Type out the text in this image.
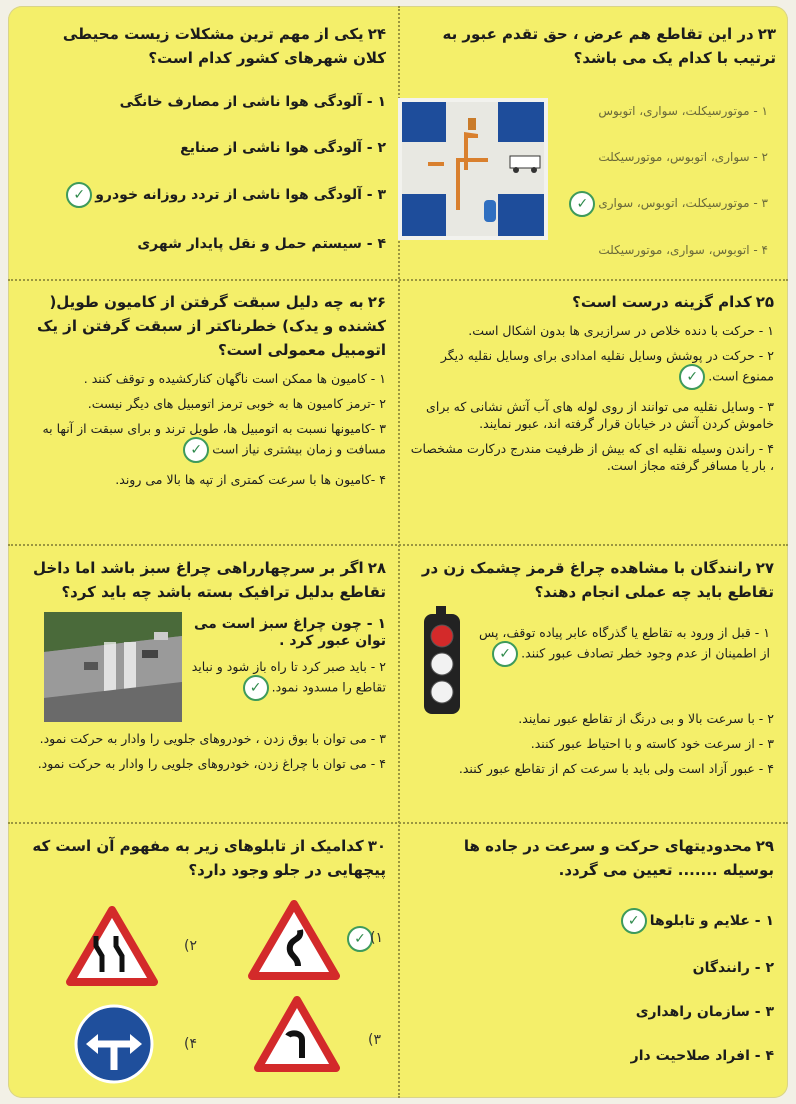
۲۳در این تقاطع هم عرض ، حق تقدم عبور به ترتیب با کدام یک می باشد؟
۱ - موتورسیکلت، سواری، اتوبوس
۲ - سواری، اتوبوس، موتورسیکلت
۳ - موتورسیکلت، اتوبوس، سواری✓
۴ - اتوبوس، سواری، موتورسیکلت
۲۴یکی از مهم ترین مشکلات زیست محیطی کلان شهرهای کشور کدام است؟
۱ - آلودگی هوا ناشی از مصارف خانگی
۲ - آلودگی هوا ناشی از صنایع
۳ - آلودگی هوا ناشی از تردد روزانه خودرو✓
۴ - سیستم حمل و نقل پایدار شهری
۲۵کدام گزینه درست است؟
۱ - حرکت با دنده خلاص در سرازیری ها بدون اشکال است.
۲ - حرکت در پوشش وسایل نقلیه امدادی برای وسایل نقلیه دیگر ممنوع است.✓
۳ - وسایل نقلیه می توانند از روی لوله های آب آتش نشانی که برای خاموش کردن آتش در خیابان قرار گرفته اند، عبور نمایند.
۴ - راندن وسیله نقلیه ای که بیش از ظرفیت مندرج درکارت مشخصات ، بار یا مسافر گرفته مجاز است.
۲۶به چه دلیل سبقت گرفتن از کامیون طویل( کشنده و یدک) خطرناکتر از سبقت گرفتن از یک اتومبیل معمولی است؟
۱ - کامیون ها ممکن است ناگهان کنارکشیده و توقف کنند .
۲ -ترمز کامیون ها به خوبی ترمز اتومبیل های دیگر نیست.
۳ -کامیونها نسبت به اتومبیل ها، طویل ترند و برای سبقت از آنها به مسافت و زمان بیشتری نیاز است✓
۴ -کامیون ها با سرعت کمتری از تپه ها بالا می روند.
۲۷رانندگان با مشاهده چراغ قرمز چشمک زن در تقاطع باید چه عملی انجام دهند؟
۱ - قبل از ورود به تقاطع یا گذرگاه عابر پیاده توقف، پس از اطمینان از عدم وجود خطر تصادف عبور کنند.✓
۲ - با سرعت بالا و بی درنگ از تقاطع عبور نمایند.
۳ - از سرعت خود کاسته و با احتیاط عبور کنند.
۴ - عبور آزاد است ولی باید با سرعت کم از تقاطع عبور کنند.
۲۸اگر بر سرچهارراهی چراغ سبز باشد اما داخل تقاطع بدلیل ترافیک بسته باشد چه باید کرد؟
۱ - چون چراغ سبز است می توان عبور کرد .
۲ - باید صبر کرد تا راه باز شود و نباید تقاطع را مسدود نمود.✓
۳ - می توان با بوق زدن ، خودروهای جلویی را وادار به حرکت نمود.
۴ - می توان با چراغ زدن، خودروهای جلویی را وادار به حرکت نمود.
۲۹محدودیتهای حرکت و سرعت در جاده ها بوسیله ....... تعیین می گردد.
۱ - علایم و تابلوها✓
۲ - رانندگان
۳ - سازمان راهداری
۴ - افراد صلاحیت دار
۳۰کدامیک از تابلوهای زیر به مفهوم آن است که پیچهایی در جلو وجود دارد؟
✓ (۱
(۲
(۳
(۴
